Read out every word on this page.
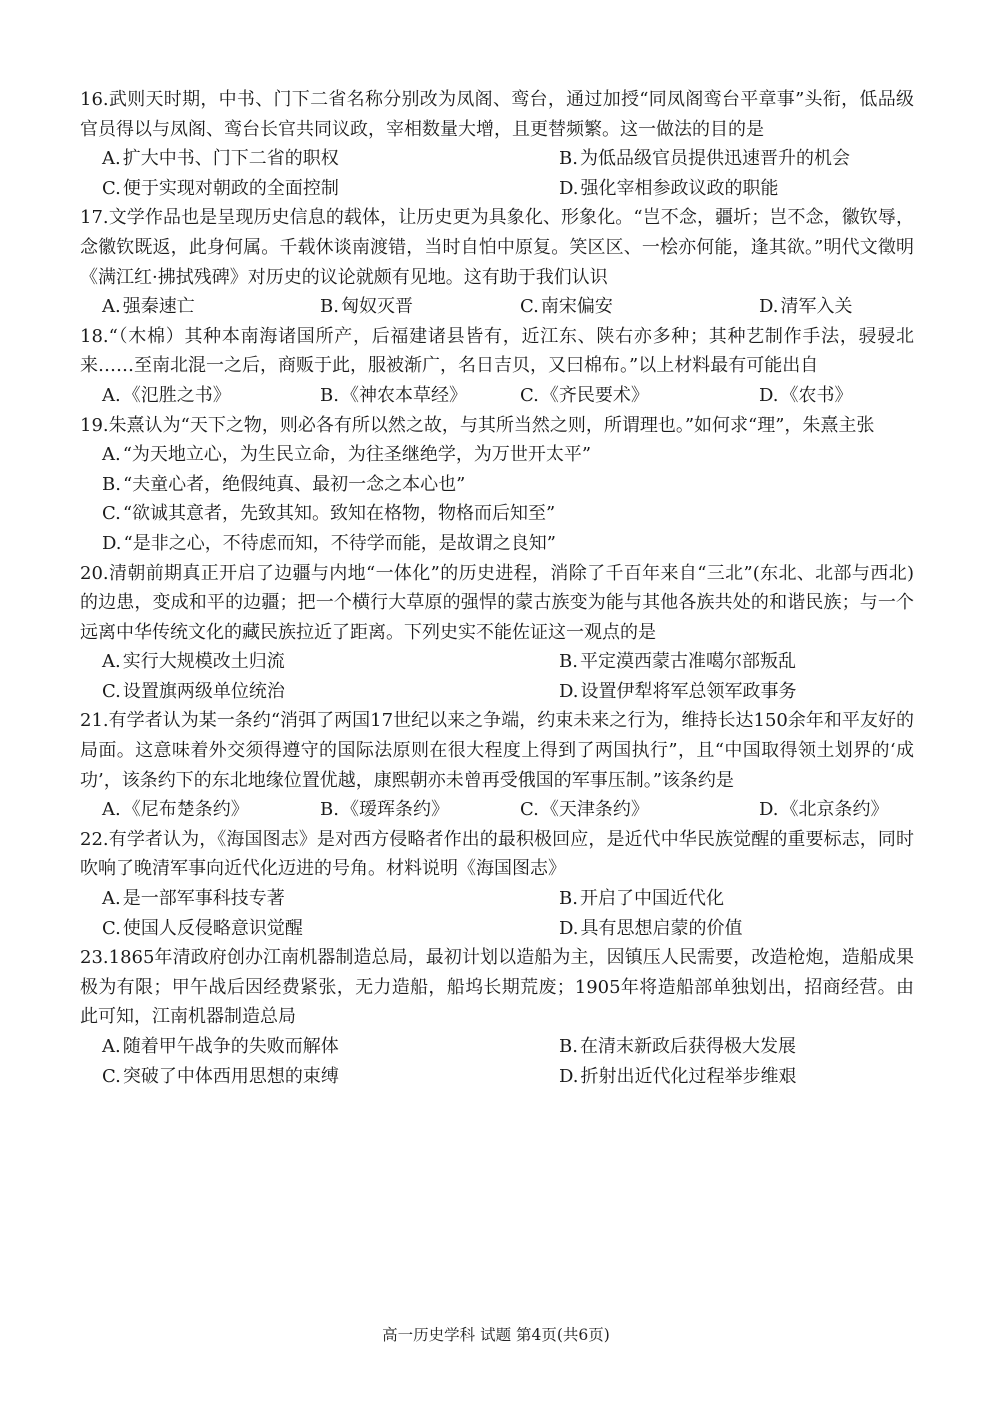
16.武则天时期，中书、门下二省名称分别改为凤阁、鸾台，通过加授“同凤阁鸾台平章事”头衔，低品级官员得以与凤阁、鸾台长官共同议政，宰相数量大增，且更替频繁。这一做法的目的是

A. 扩大中书、门下二省的职权	B. 为低品级官员提供迅速晋升的机会
C. 便于实现对朝政的全面控制	D. 强化宰相参政议政的职能

17.文学作品也是呈现历史信息的载体，让历史更为具象化、形象化。“岂不念，疆圻；岂不念，徽钦辱，念徽钦既返，此身何属。千载休谈南渡错，当时自怕中原复。笑区区、一桧亦何能，逢其欲。”明代文徵明《满江红·拂拭残碑》对历史的议论就颇有见地。这有助于我们认识

A. 强秦速亡	B. 匈奴灭晋	C. 南宋偏安	D. 清军入关

18.“（木棉）其种本南海诸国所产，后福建诸县皆有，近江东、陕右亦多种；其种艺制作手法，骎骎北来……至南北混一之后，商贩于此，服被渐广，名日吉贝，又曰棉布。”以上材料最有可能出自

A. 《氾胜之书》	B. 《神农本草经》	C. 《齐民要术》	D. 《农书》

19.朱熹认为“天下之物，则必各有所以然之故，与其所当然之则，所谓理也。”如何求“理”，朱熹主张

A. “为天地立心，为生民立命，为往圣继绝学，为万世开太平”
B. “夫童心者，绝假纯真、最初一念之本心也”
C. “欲诚其意者，先致其知。致知在格物，物格而后知至”
D. “是非之心，不待虑而知，不待学而能，是故谓之良知”

20.清朝前期真正开启了边疆与内地“一体化”的历史进程，消除了千百年来自“三北”(东北、北部与西北)的边患，变成和平的边疆；把一个横行大草原的强悍的蒙古族变为能与其他各族共处的和谐民族；与一个远离中华传统文化的藏民族拉近了距离。下列史实不能佐证这一观点的是

A. 实行大规模改土归流	B. 平定漠西蒙古准噶尔部叛乱
C. 设置旗两级单位统治	D. 设置伊犁将军总领军政事务

21.有学者认为某一条约“消弭了两国17世纪以来之争端，约束未来之行为，维持长达150余年和平友好的局面。这意味着外交须得遵守的国际法原则在很大程度上得到了两国执行”，且“中国取得领土划界的‘成功’，该条约下的东北地缘位置优越，康熙朝亦未曾再受俄国的军事压制。”该条约是

A. 《尼布楚条约》	B. 《瑷珲条约》	C. 《天津条约》	D. 《北京条约》

22.有学者认为，《海国图志》是对西方侵略者作出的最积极回应，是近代中华民族觉醒的重要标志，同时吹响了晚清军事向近代化迈进的号角。材料说明《海国图志》

A. 是一部军事科技专著	B. 开启了中国近代化
C. 使国人反侵略意识觉醒	D. 具有思想启蒙的价值

23.1865年清政府创办江南机器制造总局，最初计划以造船为主，因镇压人民需要，改造枪炮，造船成果极为有限；甲午战后因经费紧张，无力造船，船坞长期荒废；1905年将造船部单独划出，招商经营。由此可知，江南机器制造总局

A. 随着甲午战争的失败而解体	B. 在清末新政后获得极大发展
C. 突破了中体西用思想的束缚	D. 折射出近代化过程举步维艰
高一历史学科 试题 第4页(共6页)
